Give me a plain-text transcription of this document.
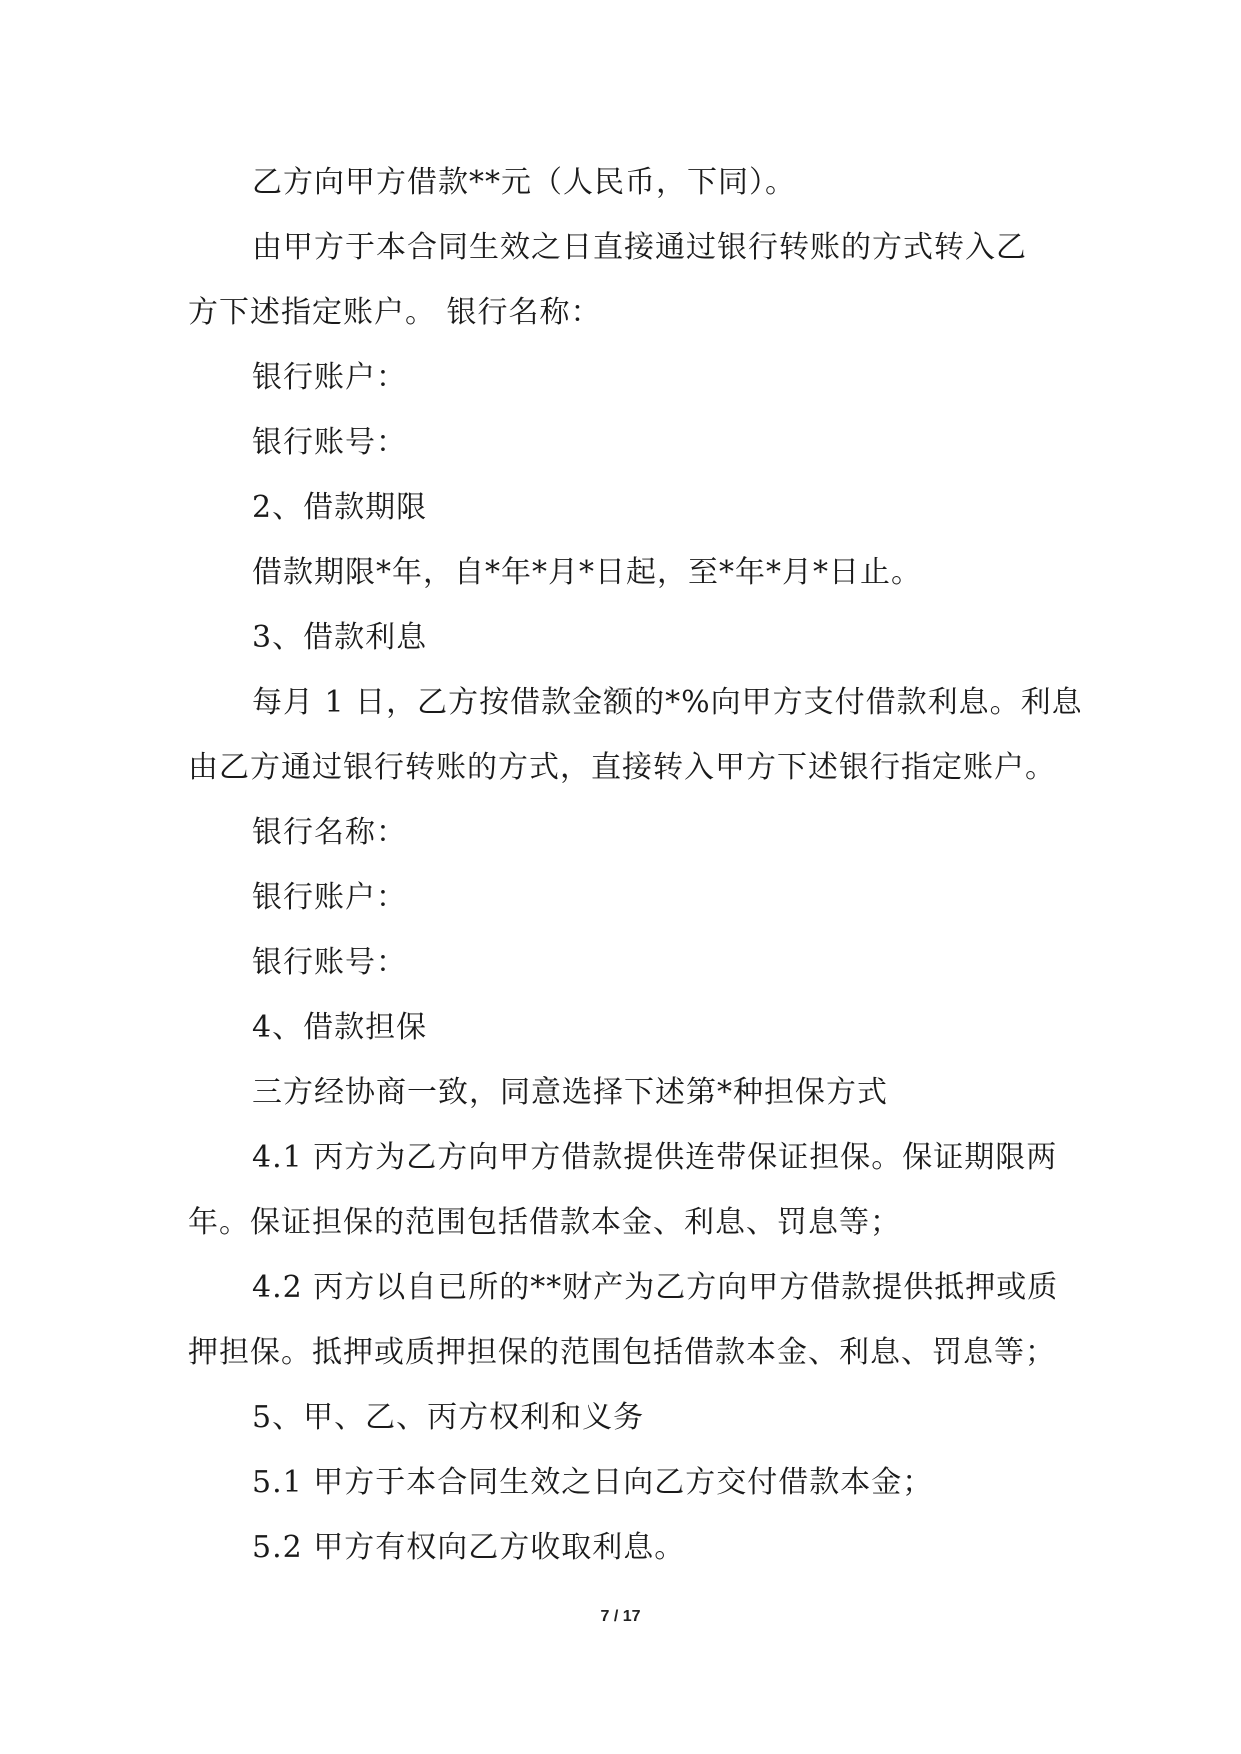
乙方向甲方借款**元（人民币，下同）。
由甲方于本合同生效之日直接通过银行转账的方式转入乙
方下述指定账户。 银行名称：
银行账户：
银行账号：
2、借款期限
借款期限*年，自*年*月*日起，至*年*月*日止。
3、借款利息
每月 1 日，乙方按借款金额的*%向甲方支付借款利息。利息
由乙方通过银行转账的方式，直接转入甲方下述银行指定账户。
银行名称：
银行账户：
银行账号：
4、借款担保
三方经协商一致，同意选择下述第*种担保方式
4.1 丙方为乙方向甲方借款提供连带保证担保。保证期限两
年。保证担保的范围包括借款本金、利息、罚息等；
4.2 丙方以自已所的**财产为乙方向甲方借款提供抵押或质
押担保。抵押或质押担保的范围包括借款本金、利息、罚息等；
5、甲、乙、丙方权利和义务
5.1 甲方于本合同生效之日向乙方交付借款本金；
5.2 甲方有权向乙方收取利息。
7 / 17
